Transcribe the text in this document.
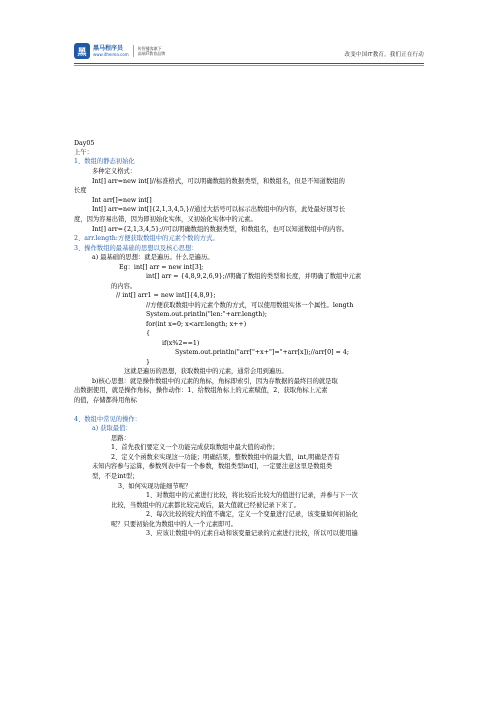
黑	黑马程序员
www.itheima.com
传智播客旗下
高端IT教育品牌	改变中国IT教育，我们正在行动
Day05
上午：
1、数组的静态初始化
多种定义格式：
Int[] arr=new int[]//标准格式，可以明确数组的数据类型，和数组名，但是不知道数组的
长度
Int arr[]=new int[]
Int[] arr=new int[]{2,1,3,4,5,}//通过大括号可以标示出数组中的内容，此处最好别写长
度，因为容易出错，因为即初始化实体，又初始化实体中的元素。
Int[] arr={2,1,3,4,5};//可以明确数组的数据类型，和数组名，也可以知道数组中的内容。
2、arr.length:方便获取数组中的元素个数的方式。
3、操作数组的最基础的思想以及核心思想：
a) 最基础的思想：就是遍历。什么是遍历。
Eg：int[] arr = new int[3];
int[] arr = {4,8,9,2,6,9};//明确了数组的类型和长度，并明确了数组中元素
的内容。
// int[] arr1 = new int[]{4,8,9};
//方便获取数组中的元素个数的方式，可以使用数组实体一个属性。length
System.out.println("len:"+arr.length);
for(int x=0; x<arr.length; x++)
{
if(x%2==1)
System.out.println("arr["+x+"]="+arr[x]);//arr[0] = 4;
}
这就是遍历的思想，获取数组中的元素，通常会用到遍历。
b)核心思想：就是操作数组中的元素的角标，角标即索引，因为存数据的最终目的就是取
出数据使用，就是操作角标，操作动作：1、给数组角标上的元素赋值，2、获取角标上元素
的值，存储都得用角标
4、数组中常见的操作：
a) 获取最值：
思路：
1、首先我们要定义一个功能完成获取数组中最大值的动作；
2、定义个函数来实现这一功能；明确结果，整数数组中的最大值，int,明确是否有
未知内容参与运算，参数列表中有一个参数，数组类型int[]，一定要注意这里是数组类
型，不是int型；
3、如何实现功能细节呢？
1、对数组中的元素进行比较，将比较后比较大的值进行记录，并参与下一次
比较，当数组中的元素都比较完成后，最大值就已经被记录下来了。
2、每次比较的较大的值不确定，定义一个变量进行记录，该变量如何初始化
呢？只要初始化为数组中的人一个元素即可。
3、应该让数组中的元素自动和该变量记录的元素进行比较，所以可以使用遍
